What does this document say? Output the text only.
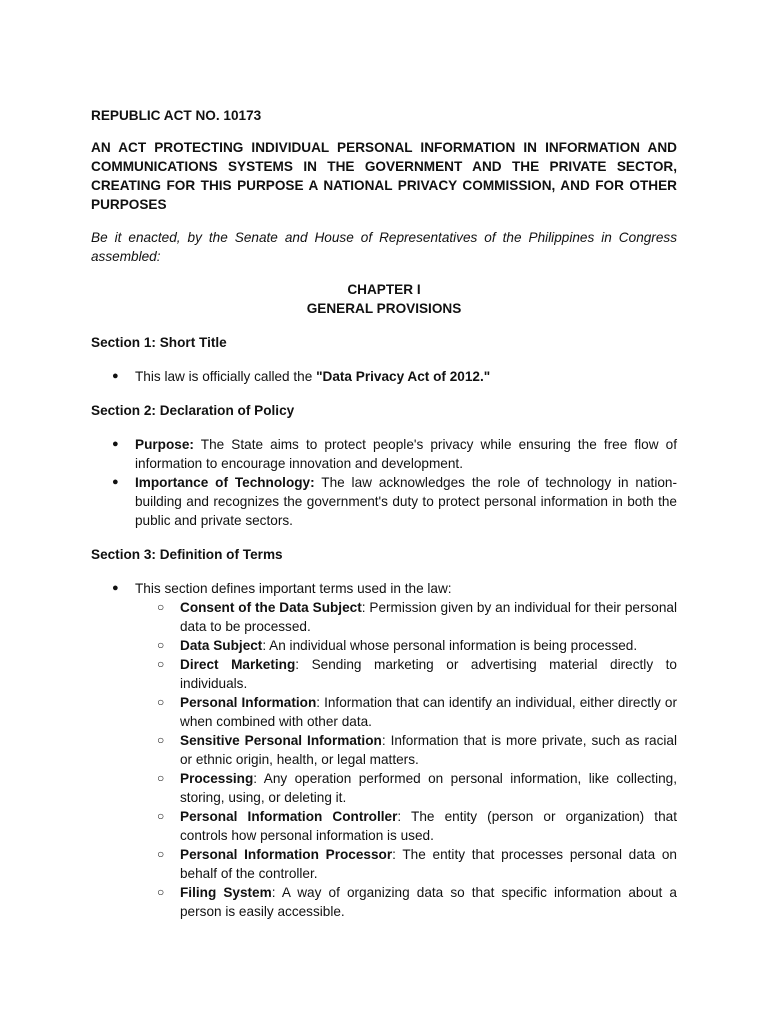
REPUBLIC ACT NO. 10173
AN ACT PROTECTING INDIVIDUAL PERSONAL INFORMATION IN INFORMATION AND COMMUNICATIONS SYSTEMS IN THE GOVERNMENT AND THE PRIVATE SECTOR, CREATING FOR THIS PURPOSE A NATIONAL PRIVACY COMMISSION, AND FOR OTHER PURPOSES
Be it enacted, by the Senate and House of Representatives of the Philippines in Congress assembled:
CHAPTER I
GENERAL PROVISIONS
Section 1: Short Title
● This law is officially called the "Data Privacy Act of 2012."
Section 2: Declaration of Policy
● Purpose: The State aims to protect people's privacy while ensuring the free flow of information to encourage innovation and development.
● Importance of Technology: The law acknowledges the role of technology in nation-building and recognizes the government's duty to protect personal information in both the public and private sectors.
Section 3: Definition of Terms
● This section defines important terms used in the law:
○ Consent of the Data Subject: Permission given by an individual for their personal data to be processed.
○ Data Subject: An individual whose personal information is being processed.
○ Direct Marketing: Sending marketing or advertising material directly to individuals.
○ Personal Information: Information that can identify an individual, either directly or when combined with other data.
○ Sensitive Personal Information: Information that is more private, such as racial or ethnic origin, health, or legal matters.
○ Processing: Any operation performed on personal information, like collecting, storing, using, or deleting it.
○ Personal Information Controller: The entity (person or organization) that controls how personal information is used.
○ Personal Information Processor: The entity that processes personal data on behalf of the controller.
○ Filing System: A way of organizing data so that specific information about a person is easily accessible.
